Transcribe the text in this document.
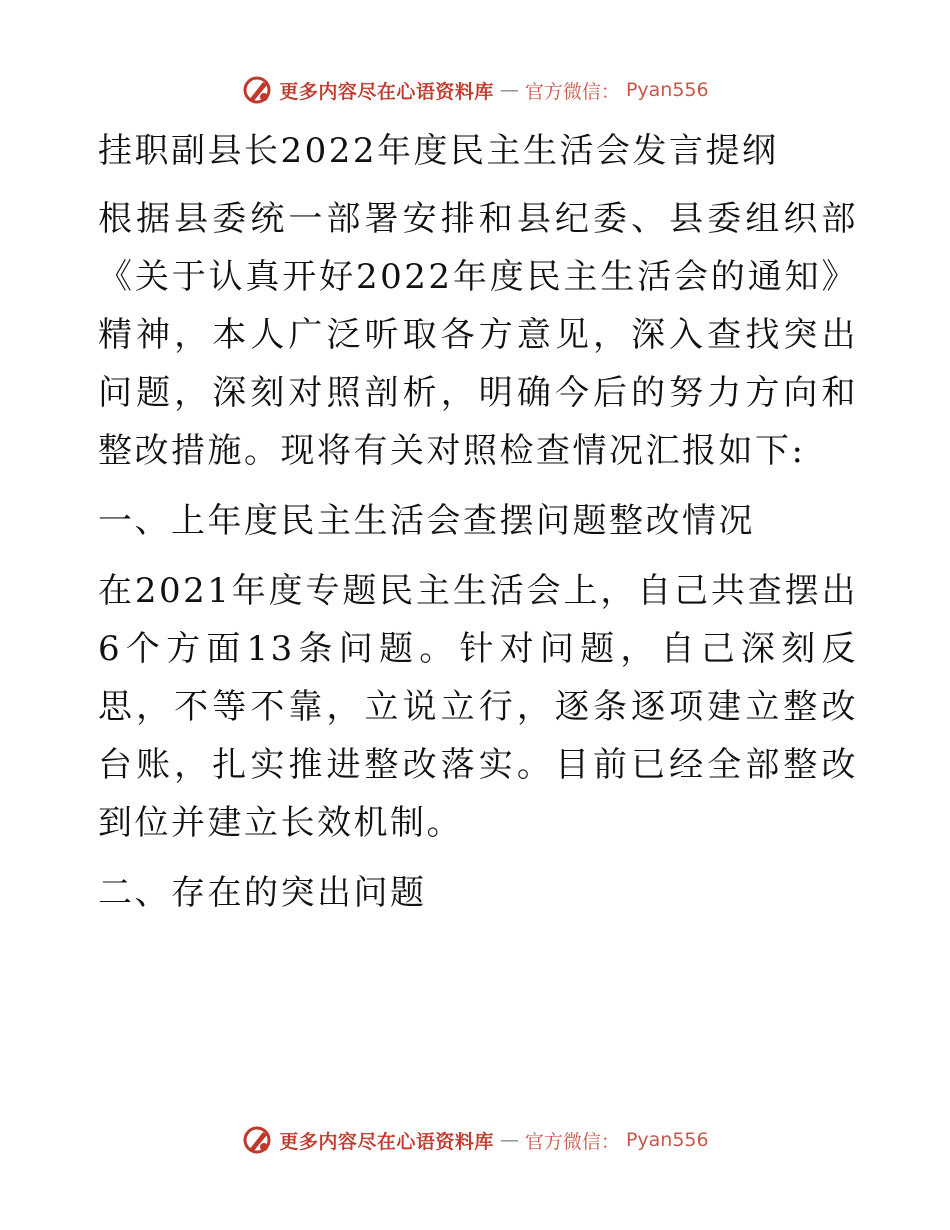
更多内容尽在心语资料库 — 官方微信： Pyan556

挂职副县长2022年度民主生活会发言提纲

根据县委统一部署安排和县纪委、县委组织部《关于认真开好2022年度民主生活会的通知》精神，本人广泛听取各方意见，深入查找突出问题，深刻对照剖析，明确今后的努力方向和整改措施。现将有关对照检查情况汇报如下:

一、上年度民主生活会查摆问题整改情况

在2021年度专题民主生活会上，自己共查摆出6个方面13条问题。针对问题，自己深刻反思，不等不靠，立说立行，逐条逐项建立整改台账，扎实推进整改落实。目前已经全部整改到位并建立长效机制。

二、存在的突出问题

更多内容尽在心语资料库 — 官方微信： Pyan556
